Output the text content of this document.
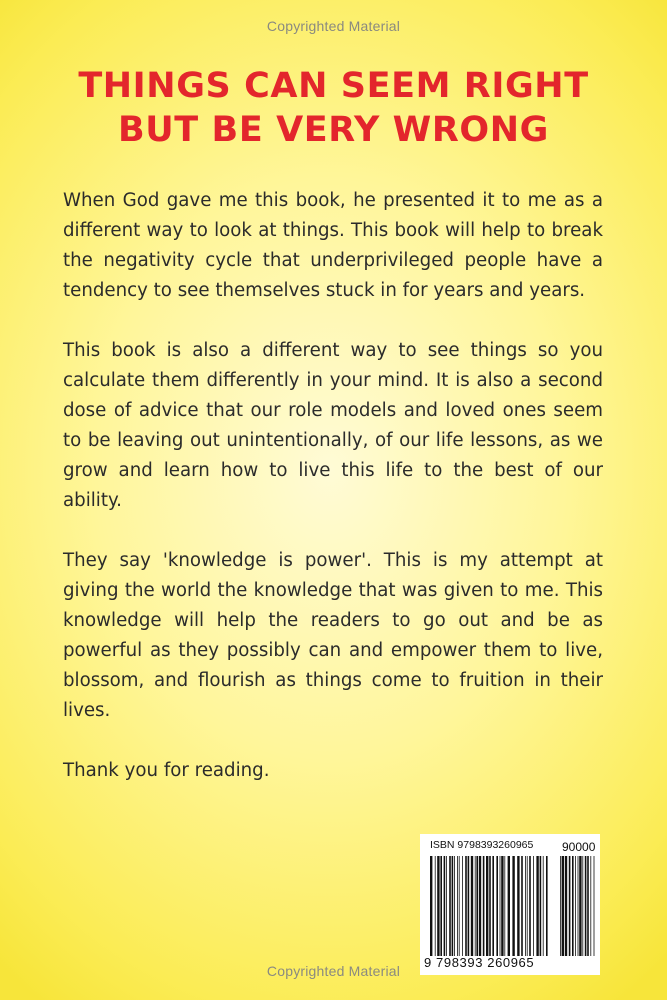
Copyrighted Material
THINGS CAN SEEM RIGHT
BUT BE VERY WRONG

When God gave me this book, he presented it to me as a different way to look at things. This book will help to break the negativity cycle that underprivileged people have a tendency to see themselves stuck in for years and years.

This book is also a different way to see things so you calculate them differently in your mind. It is also a second dose of advice that our role models and loved ones seem to be leaving out unintentionally, of our life lessons, as we grow and learn how to live this life to the best of our ability.

They say 'knowledge is power'. This is my attempt at giving the world the knowledge that was given to me. This knowledge will help the readers to go out and be as powerful as they possibly can and empower them to live, blossom, and flourish as things come to fruition in their lives.

Thank you for reading.

ISBN 9798393260965 90000
9 798393 260965
Copyrighted Material
